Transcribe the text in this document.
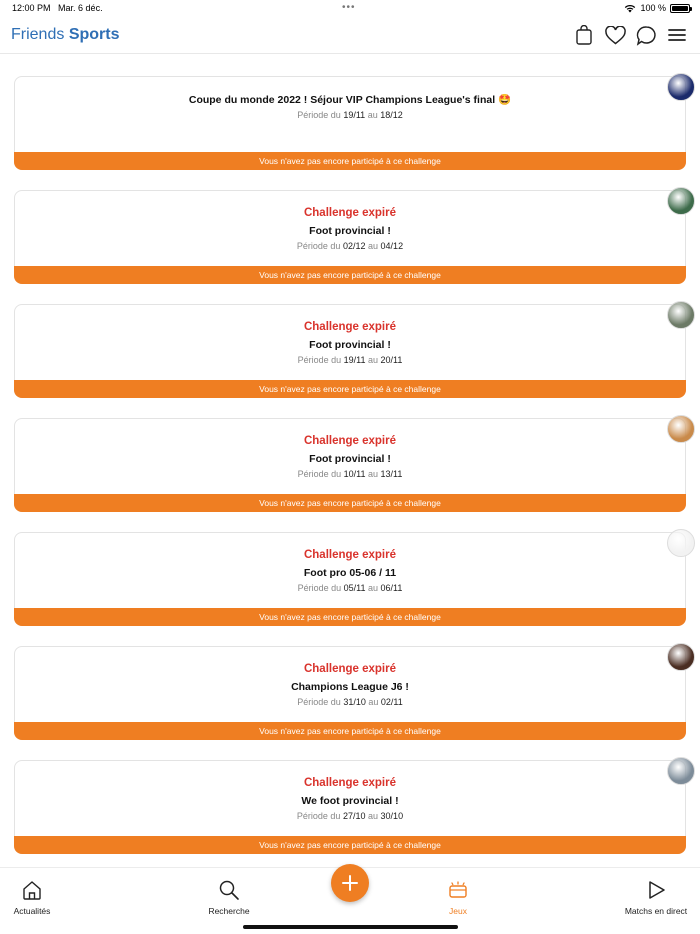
12:00 PM Mar. 6 déc.	•••	100 %
Friends Sports
Coupe du monde 2022 ! Séjour VIP Champions League's final 🤩
Période du 19/11 au 18/12
Vous n'avez pas encore participé à ce challenge
Challenge expiré
Foot provincial !
Période du 02/12 au 04/12
Vous n'avez pas encore participé à ce challenge
Challenge expiré
Foot provincial !
Période du 19/11 au 20/11
Vous n'avez pas encore participé à ce challenge
Challenge expiré
Foot provincial !
Période du 10/11 au 13/11
Vous n'avez pas encore participé à ce challenge
Challenge expiré
Foot pro 05-06 / 11
Période du 05/11 au 06/11
Vous n'avez pas encore participé à ce challenge
Challenge expiré
Champions League J6 !
Période du 31/10 au 02/11
Vous n'avez pas encore participé à ce challenge
Challenge expiré
We foot provincial !
Période du 27/10 au 30/10
Vous n'avez pas encore participé à ce challenge
Actualités	Recherche	Jeux	Matchs en direct
